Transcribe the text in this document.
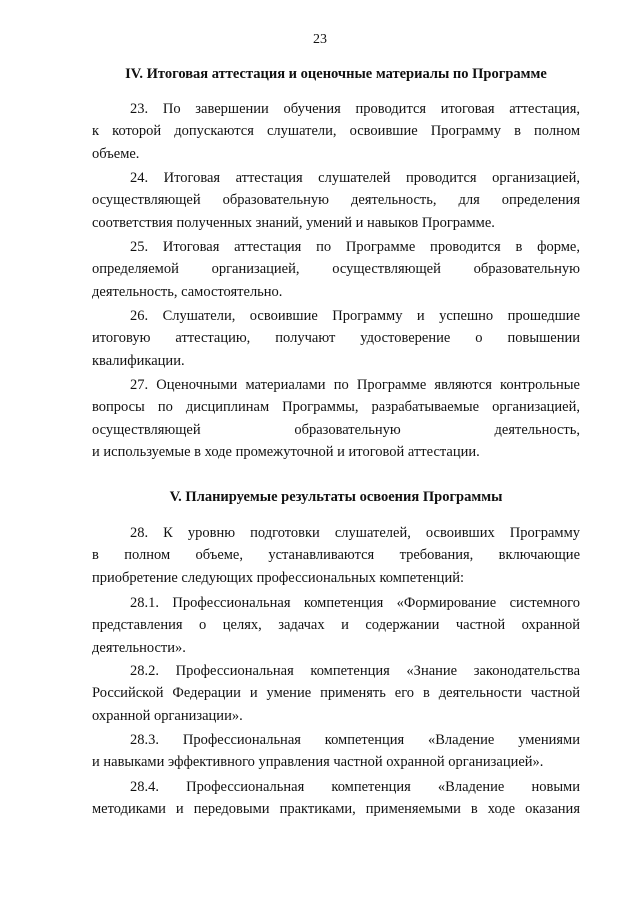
23
IV. Итоговая аттестация и оценочные материалы по Программе
23. По завершении обучения проводится итоговая аттестация,
к которой допускаются слушатели, освоившие Программу в полном
объеме.
24. Итоговая аттестация слушателей проводится организацией,
осуществляющей образовательную деятельность, для определения
соответствия полученных знаний, умений и навыков Программе.
25. Итоговая аттестация по Программе проводится в форме,
определяемой организацией, осуществляющей образовательную
деятельность, самостоятельно.
26. Слушатели, освоившие Программу и успешно прошедшие
итоговую аттестацию, получают удостоверение о повышении
квалификации.
27. Оценочными материалами по Программе являются контрольные
вопросы по дисциплинам Программы, разрабатываемые организацией,
осуществляющей образовательную деятельность,
и используемые в ходе промежуточной и итоговой аттестации.
V. Планируемые результаты освоения Программы
28. К уровню подготовки слушателей, освоивших Программу
в полном объеме, устанавливаются требования, включающие
приобретение следующих профессиональных компетенций:
28.1. Профессиональная компетенция «Формирование системного
представления о целях, задачах и содержании частной охранной
деятельности».
28.2. Профессиональная компетенция «Знание законодательства
Российской Федерации и умение применять его в деятельности частной
охранной организации».
28.3. Профессиональная компетенция «Владение умениями
и навыками эффективного управления частной охранной организацией».
28.4. Профессиональная компетенция «Владение новыми
методиками и передовыми практиками, применяемыми в ходе оказания
